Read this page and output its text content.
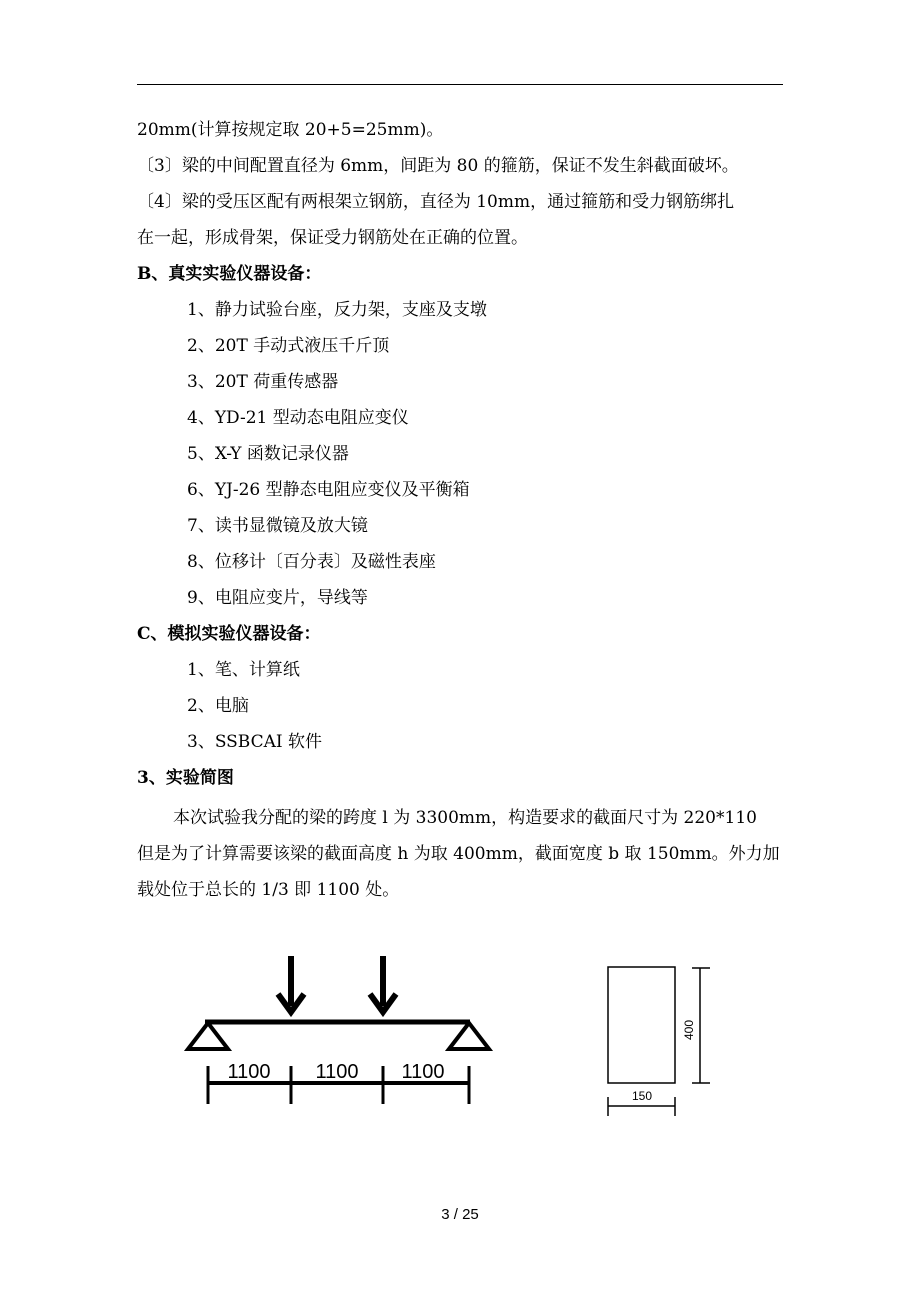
20mm(计算按规定取 20+5=25mm)。
〔3〕梁的中间配置直径为 6mm，间距为 80 的箍筋，保证不发生斜截面破坏。
〔4〕梁的受压区配有两根架立钢筋，直径为 10mm，通过箍筋和受力钢筋绑扎
在一起，形成骨架，保证受力钢筋处在正确的位置。
B、真实实验仪器设备：
1、静力试验台座，反力架，支座及支墩
2、20T 手动式液压千斤顶
3、20T 荷重传感器
4、YD-21 型动态电阻应变仪
5、X-Y 函数记录仪器
6、YJ-26 型静态电阻应变仪及平衡箱
7、读书显微镜及放大镜
8、位移计〔百分表〕及磁性表座
9、电阻应变片，导线等
C、模拟实验仪器设备：
1、笔、计算纸
2、电脑
3、SSBCAI 软件
3、实验简图
本次试验我分配的梁的跨度 l 为 3300mm，构造要求的截面尺寸为 220*110
但是为了计算需要该梁的截面高度 h 为取 400mm，截面宽度 b 取 150mm。外力加
载处位于总长的 1/3 即 1100 处。
1100 1100 1100
400
150
3 / 25
